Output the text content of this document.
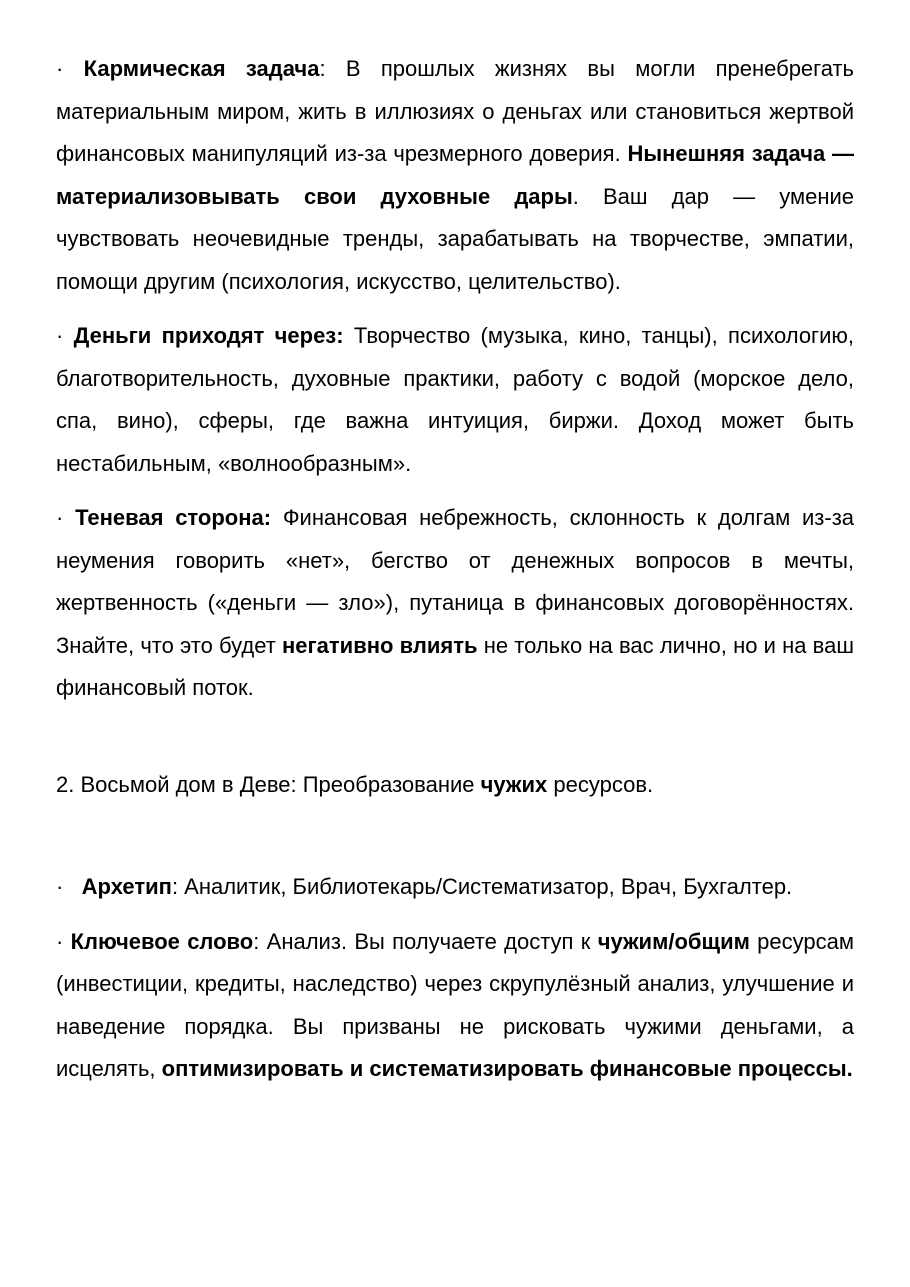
· Кармическая задача: В прошлых жизнях вы могли пренебрегать материальным миром, жить в иллюзиях о деньгах или становиться жертвой финансовых манипуляций из-за чрезмерного доверия. Нынешняя задача — материализовывать свои духовные дары. Ваш дар — умение чувствовать неочевидные тренды, зарабатывать на творчестве, эмпатии, помощи другим (психология, искусство, целительство).

· Деньги приходят через: Творчество (музыка, кино, танцы), психологию, благотворительность, духовные практики, работу с водой (морское дело, спа, вино), сферы, где важна интуиция, биржи. Доход может быть нестабильным, «волнообразным».

· Теневая сторона: Финансовая небрежность, склонность к долгам из-за неумения говорить «нет», бегство от денежных вопросов в мечты, жертвенность («деньги — зло»), путаница в финансовых договорённостях. Знайте, что это будет негативно влиять не только на вас лично, но и на ваш финансовый поток.

2. Восьмой дом в Деве: Преобразование чужих ресурсов.

· Архетип: Аналитик, Библиотекарь/Систематизатор, Врач, Бухгалтер.

· Ключевое слово: Анализ. Вы получаете доступ к чужим/общим ресурсам (инвестиции, кредиты, наследство) через скрупулёзный анализ, улучшение и наведение порядка. Вы призваны не рисковать чужими деньгами, а исцелять, оптимизировать и систематизировать финансовые процессы.
